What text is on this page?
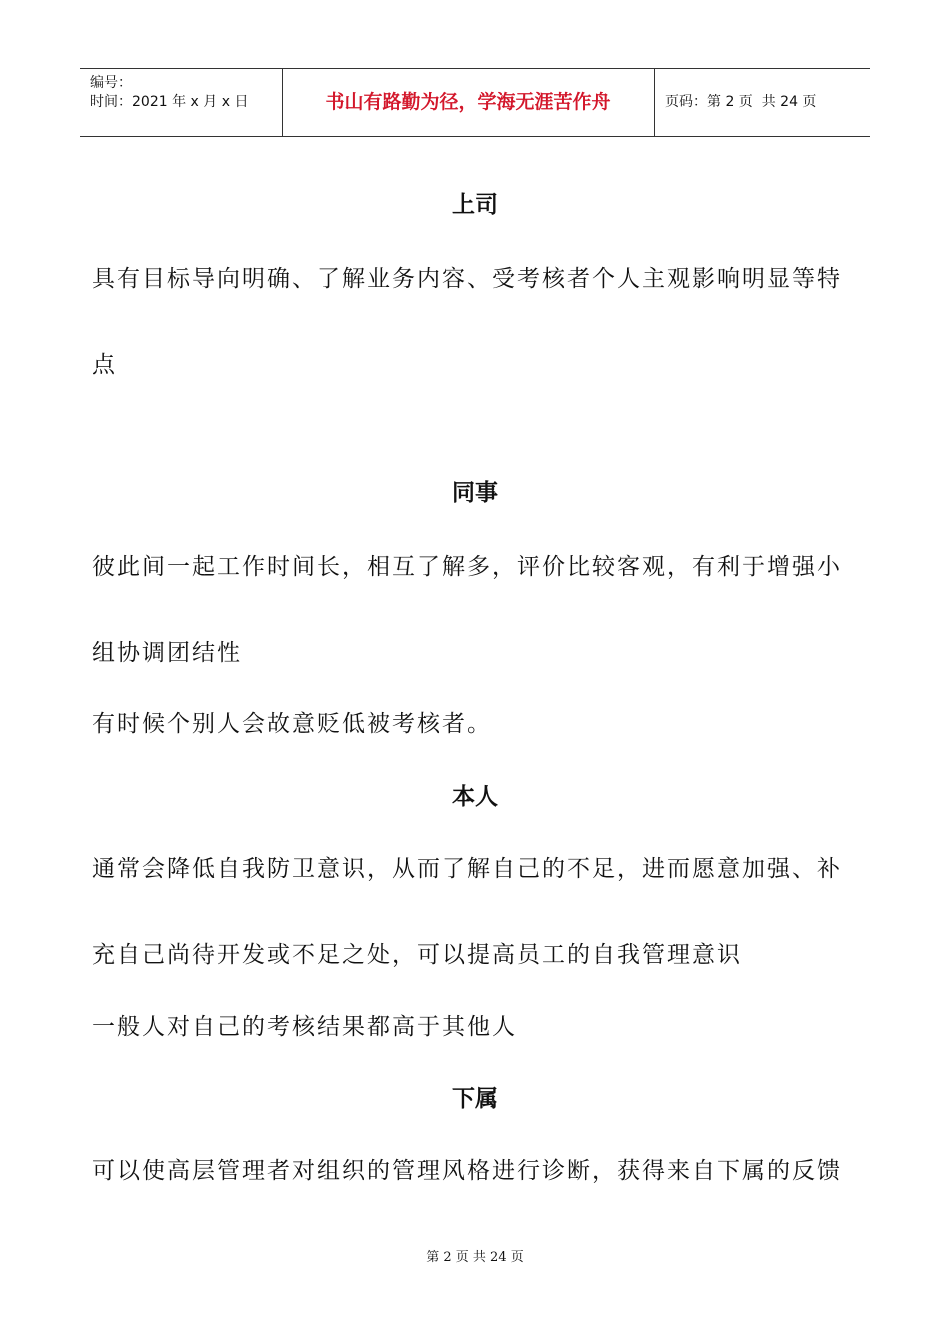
编号：
时间：2021 年 x 月 x 日	书山有路勤为径，学海无涯苦作舟	页码：第 2 页  共 24 页
上司
具有目标导向明确、了解业务内容、受考核者个人主观影响明显等特
点
同事
彼此间一起工作时间长，相互了解多，评价比较客观，有利于增强小
组协调团结性
有时候个别人会故意贬低被考核者。
本人
通常会降低自我防卫意识，从而了解自己的不足，进而愿意加强、补
充自己尚待开发或不足之处，可以提高员工的自我管理意识
一般人对自己的考核结果都高于其他人
下属
可以使高层管理者对组织的管理风格进行诊断，获得来自下属的反馈
第 2 页 共 24 页
